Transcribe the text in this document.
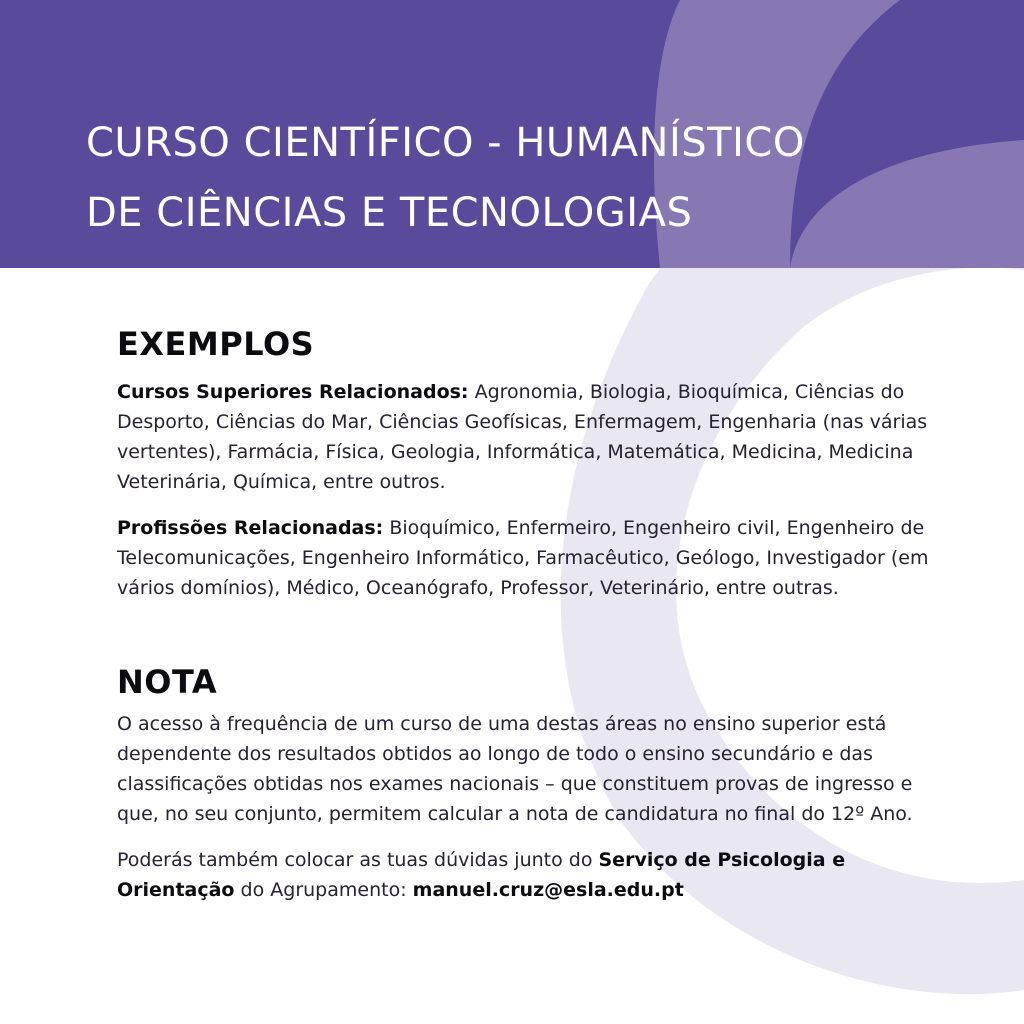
CURSO CIENTÍFICO - HUMANÍSTICO
DE CIÊNCIAS E TECNOLOGIAS
EXEMPLOS

Cursos Superiores Relacionados: Agronomia, Biologia, Bioquímica, Ciências do Desporto, Ciências do Mar, Ciências Geofísicas, Enfermagem, Engenharia (nas várias vertentes), Farmácia, Física, Geologia, Informática, Matemática, Medicina, Medicina Veterinária, Química, entre outros.

Profissões Relacionadas: Bioquímico, Enfermeiro, Engenheiro civil, Engenheiro de Telecomunicações, Engenheiro Informático, Farmacêutico, Geólogo, Investigador (em vários domínios), Médico, Oceanógrafo, Professor, Veterinário, entre outras.

NOTA

O acesso à frequência de um curso de uma destas áreas no ensino superior está dependente dos resultados obtidos ao longo de todo o ensino secundário e das classificações obtidas nos exames nacionais – que constituem provas de ingresso e que, no seu conjunto, permitem calcular a nota de candidatura no final do 12º Ano.

Poderás também colocar as tuas dúvidas junto do Serviço de Psicologia e Orientação do Agrupamento: manuel.cruz@esla.edu.pt
